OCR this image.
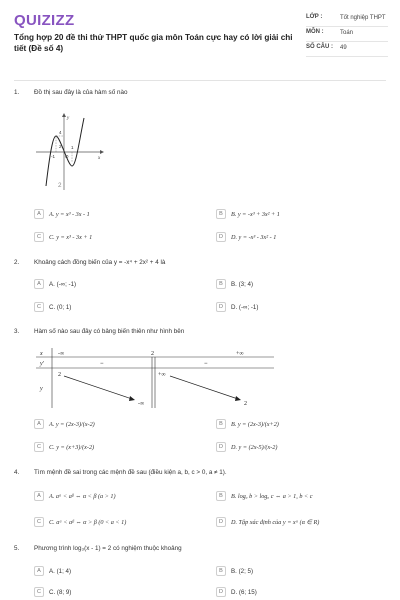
QUIZIZZ
Tổng hợp 20 đề thi thử THPT quốc gia môn Toán cực hay có lời giải chi tiết (Đề số 4)
LỚP :	Tốt nghiệp THPT
MÔN :	Toán
SỐ CÂU :	49
1. Đồ thị sau đây là của hàm số nào
y
x
O
-1
1
4
2
2
A	A. y = x³ - 3x - 1	B	B. y = -x³ + 3x² + 1
C	C. y = x³ - 3x + 1	D	D. y = -x³ - 3x² - 1
2. Khoảng cách đồng biến của y = -x⁴ + 2x² + 4 là
A	A. (-∞; -1)	B	B. (3; 4)
C	C. (0; 1)	D	D. (-∞; -1)
3. Hàm số nào sau đây có bảng biến thiên như hình bên
x
y'
y
-∞	2	+∞
−	−
2
-∞
+∞
2
A	A. y = (2x-3)/(x-2)	B	B. y = (2x-3)/(x+2)
C	C. y = (x+3)/(x-2)	D	D. y = (2x-5)/(x-2)
4. Tìm mệnh đề sai trong các mệnh đề sau (điều kiện a, b, c > 0, a ≠ 1).
A	A. aᵅ < aᵝ ⇔ α < β (a > 1)	B	B. logₐ b > logₐ c ⇔ a > 1, b < c
C	C. aᵅ < aᵝ ⇔ α > β (0 < a < 1)	D	D. Tập xác định của y = xᵅ (α ∈ R)
5. Phương trình log₃(x - 1) = 2 có nghiệm thuộc khoảng
A	A. (1; 4)	B	B. (2; 5)
C	C. (8; 9)	D	D. (6; 15)
